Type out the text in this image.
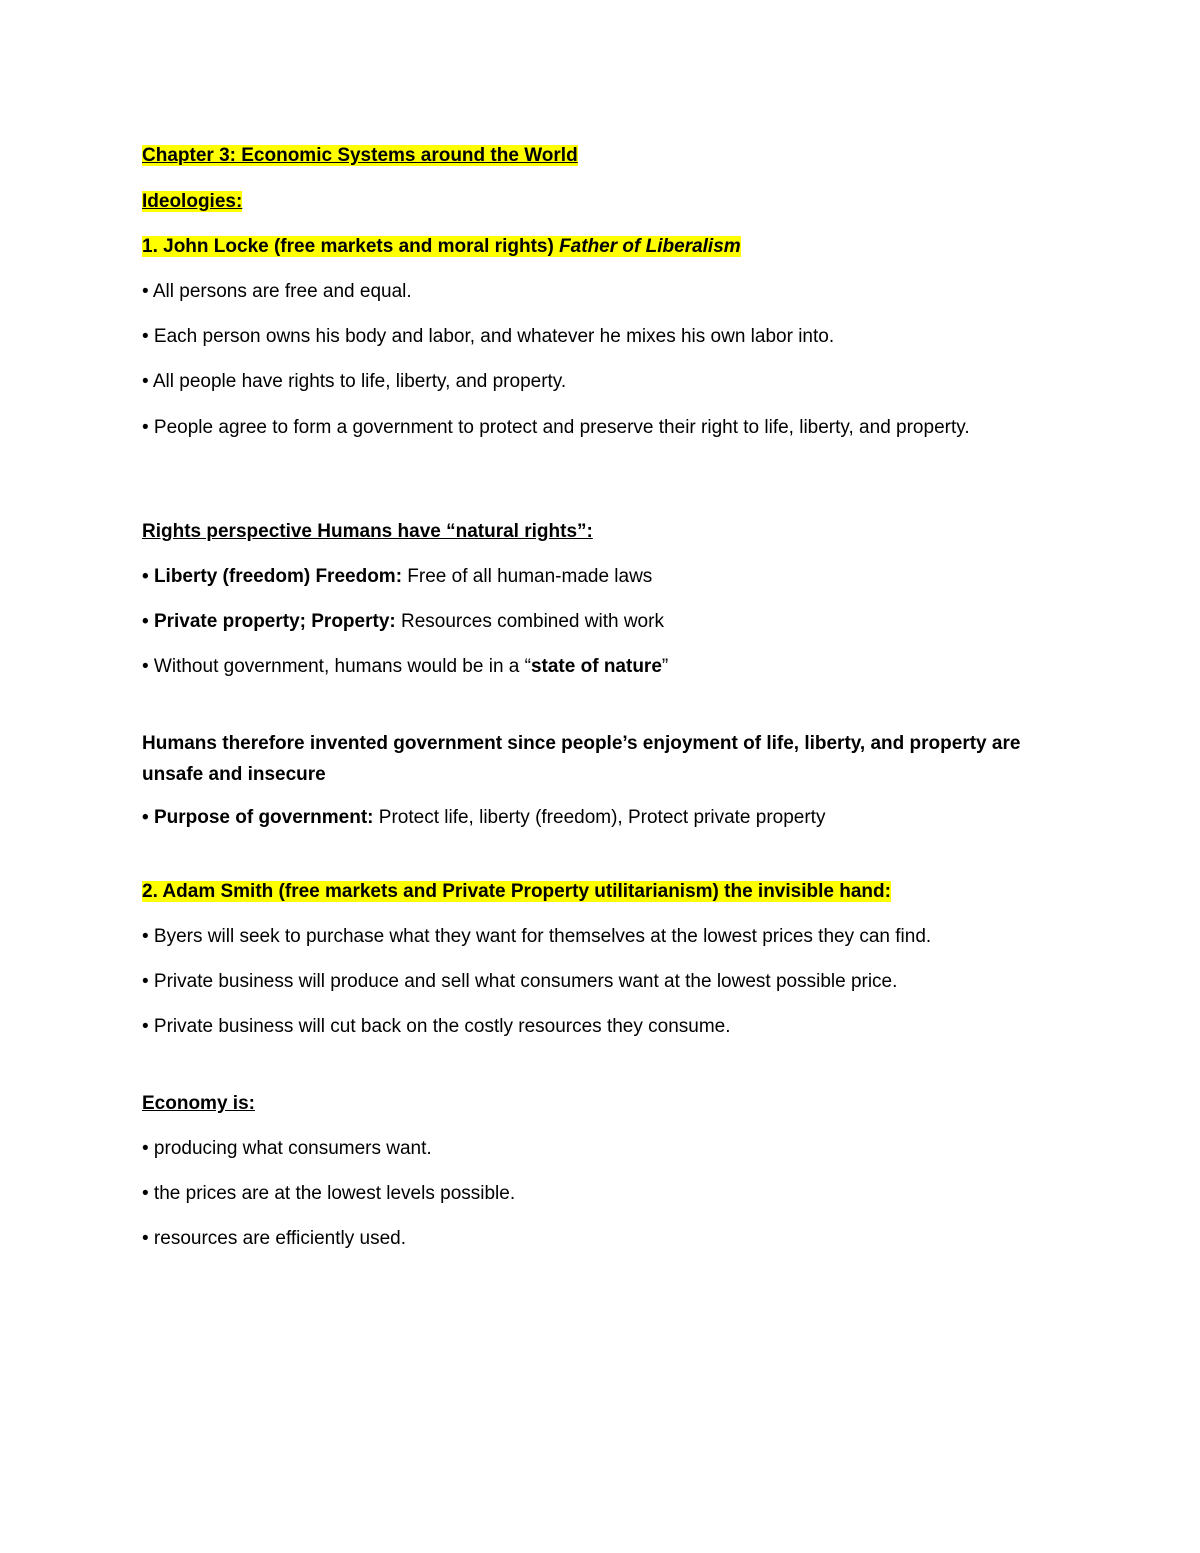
Chapter 3: Economic Systems around the World

Ideologies:

1. John Locke (free markets and moral rights) Father of Liberalism

• All persons are free and equal.

• Each person owns his body and labor, and whatever he mixes his own labor into.

• All people have rights to life, liberty, and property.

• People agree to form a government to protect and preserve their right to life, liberty, and property.

Rights perspective Humans have “natural rights”:

• Liberty (freedom) Freedom: Free of all human-made laws

• Private property; Property: Resources combined with work

• Without government, humans would be in a “state of nature”

Humans therefore invented government since people’s enjoyment of life, liberty, and property are unsafe and insecure

• Purpose of government: Protect life, liberty (freedom), Protect private property

2. Adam Smith (free markets and Private Property utilitarianism) the invisible hand:

• Byers will seek to purchase what they want for themselves at the lowest prices they can find.

• Private business will produce and sell what consumers want at the lowest possible price.

• Private business will cut back on the costly resources they consume.

Economy is:

• producing what consumers want.

• the prices are at the lowest levels possible.

• resources are efficiently used.
